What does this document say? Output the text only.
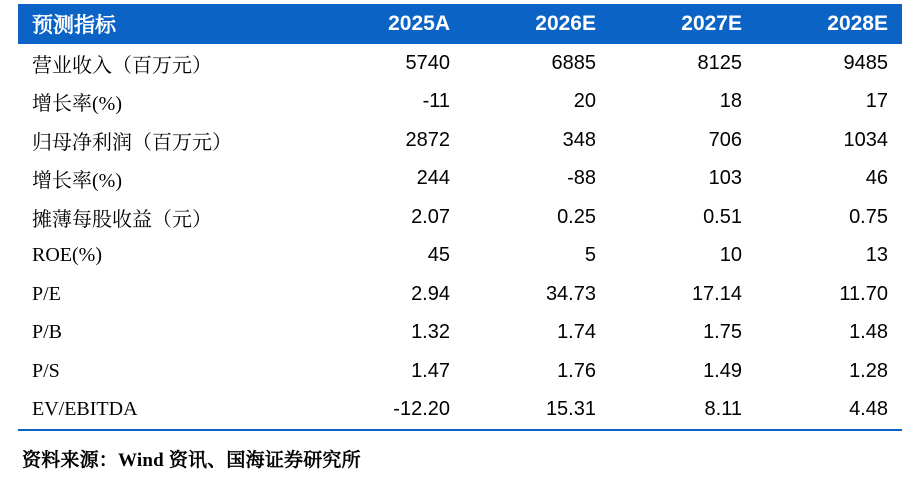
预测指标	2025A	2026E	2027E	2028E
营业收入（百万元）	5740	6885	8125	9485
增长率(%)	-11	20	18	17
归母净利润（百万元）	2872	348	706	1034
增长率(%)	244	-88	103	46
摊薄每股收益（元）	2.07	0.25	0.51	0.75
ROE(%)	45	5	10	13
P/E	2.94	34.73	17.14	11.70
P/B	1.32	1.74	1.75	1.48
P/S	1.47	1.76	1.49	1.28
EV/EBITDA	-12.20	15.31	8.11	4.48
资料来源：Wind 资讯、国海证券研究所
